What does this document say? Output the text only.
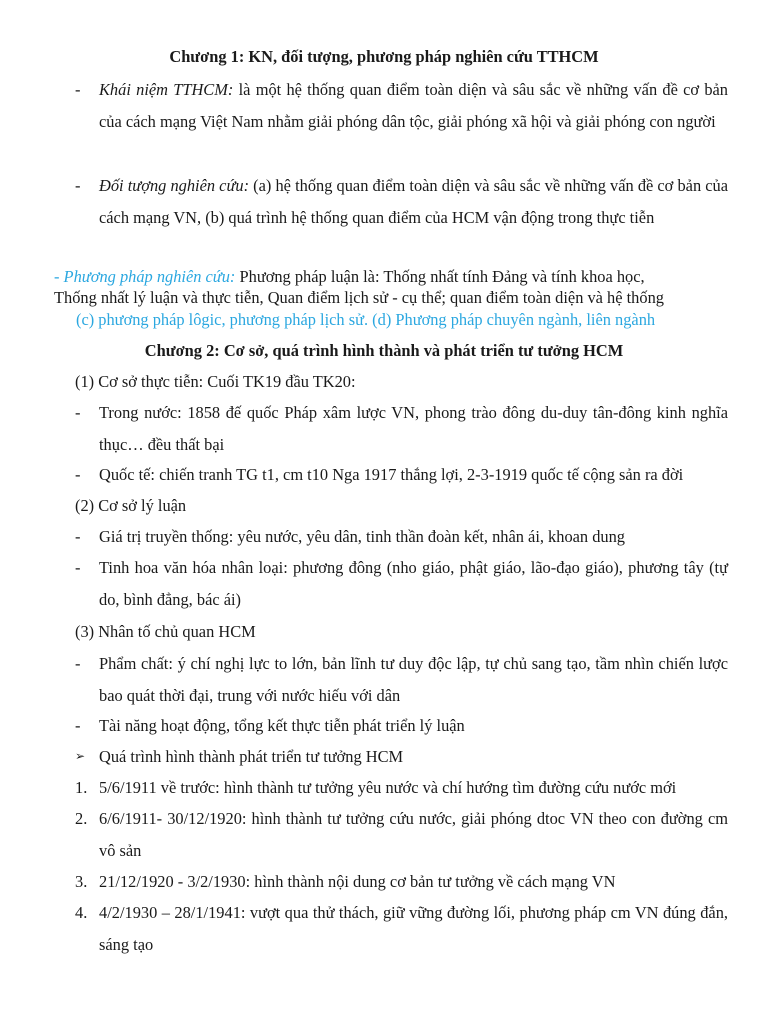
Chương 1: KN, đối tượng, phương pháp nghiên cứu TTHCM
- Khái niệm TTHCM: là một hệ thống quan điểm toàn diện và sâu sắc về những vấn đề cơ bản của cách mạng Việt Nam nhằm giải phóng dân tộc, giải phóng xã hội và giải phóng con người
- Đối tượng nghiên cứu: (a) hệ thống quan điểm toàn diện và sâu sắc về những vấn đề cơ bản của cách mạng VN, (b) quá trình hệ thống quan điểm của HCM vận động trong thực tiễn
- Phương pháp nghiên cứu: Phương pháp luận là: Thống nhất tính Đảng và tính khoa học,
Thống nhất lý luận và thực tiễn, Quan điểm lịch sử - cụ thể; quan điểm toàn diện và hệ thống
(c) phương pháp lôgic, phương pháp lịch sử. (d) Phương pháp chuyên ngành, liên ngành
Chương 2: Cơ sở, quá trình hình thành và phát triển tư tưởng HCM
(1) Cơ sở thực tiễn: Cuối TK19 đầu TK20:
- Trong nước: 1858 đế quốc Pháp xâm lược VN, phong trào đông du-duy tân-đông kinh nghĩa thục… đều thất bại
- Quốc tế: chiến tranh TG t1, cm t10 Nga 1917 thắng lợi, 2-3-1919 quốc tế cộng sản ra đời
(2) Cơ sở lý luận
- Giá trị truyền thống: yêu nước, yêu dân, tinh thần đoàn kết, nhân ái, khoan dung
- Tinh hoa văn hóa nhân loại: phương đông (nho giáo, phật giáo, lão-đạo giáo), phương tây (tự do, bình đẳng, bác ái)
(3) Nhân tố chủ quan HCM
- Phẩm chất: ý chí nghị lực to lớn, bản lĩnh tư duy độc lập, tự chủ sang tạo, tầm nhìn chiến lược bao quát thời đại, trung với nước hiếu với dân
- Tài năng hoạt động, tổng kết thực tiễn phát triển lý luận
➢ Quá trình hình thành phát triển tư tưởng HCM
1. 5/6/1911 về trước: hình thành tư tưởng yêu nước và chí hướng tìm đường cứu nước mới
2. 6/6/1911- 30/12/1920: hình thành tư tưởng cứu nước, giải phóng dtoc VN theo con đường cm vô sản
3. 21/12/1920 - 3/2/1930: hình thành nội dung cơ bản tư tưởng về cách mạng VN
4. 4/2/1930 – 28/1/1941: vượt qua thử thách, giữ vững đường lối, phương pháp cm VN đúng đắn, sáng tạo
